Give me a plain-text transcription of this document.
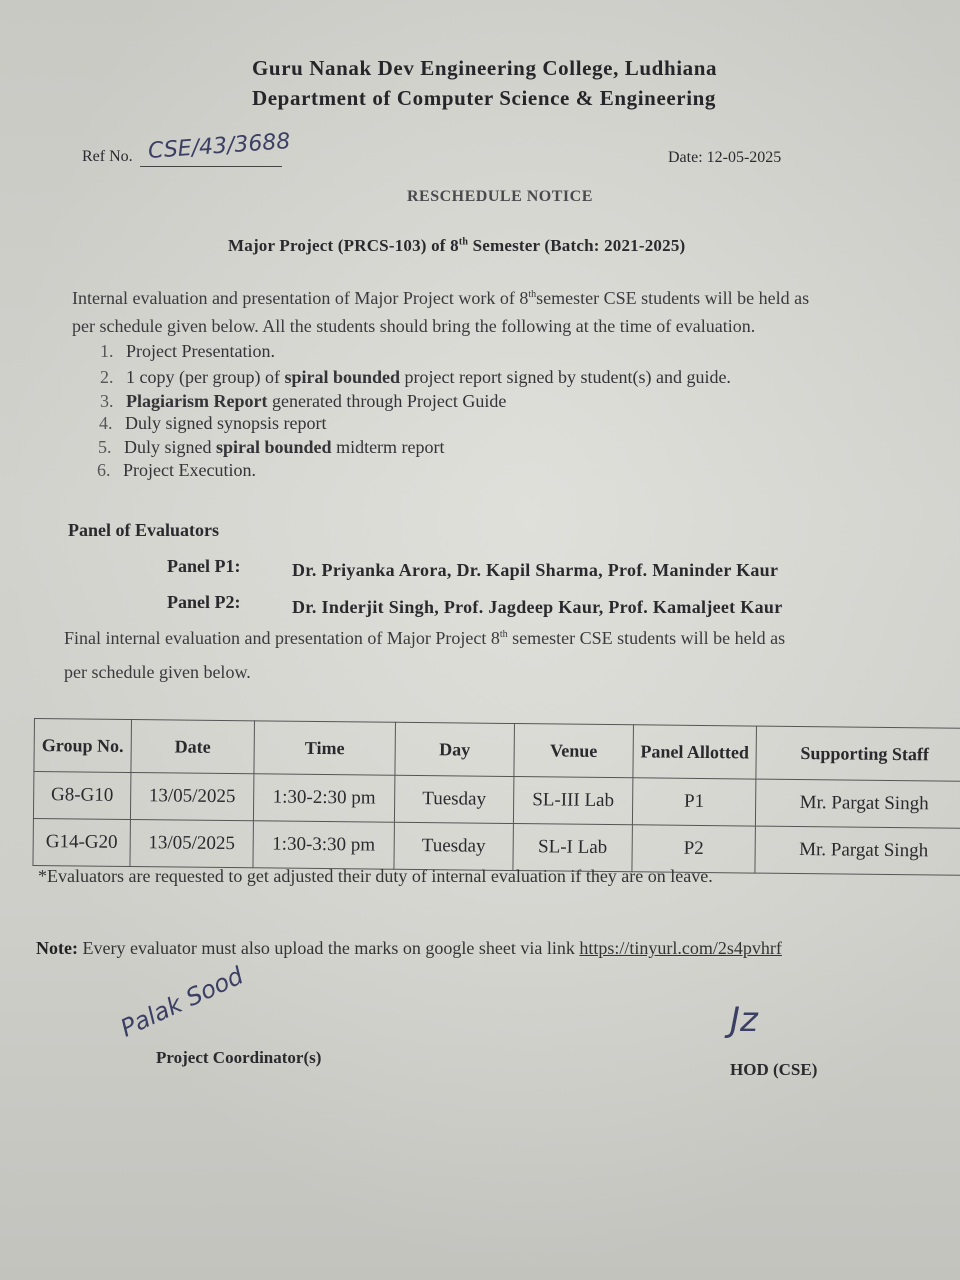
Guru Nanak Dev Engineering College, Ludhiana
Department of Computer Science & Engineering
Ref No. CSE/43/3688	Date: 12-05-2025
RESCHEDULE NOTICE
Major Project (PRCS-103) of 8th Semester (Batch: 2021-2025)
Internal evaluation and presentation of Major Project work of 8thsemester CSE students will be held as
per schedule given below. All the students should bring the following at the time of evaluation.
1. Project Presentation.
2. 1 copy (per group) of spiral bounded project report signed by student(s) and guide.
3. Plagiarism Report generated through Project Guide
4. Duly signed synopsis report
5. Duly signed spiral bounded midterm report
6. Project Execution.
Panel of Evaluators
Panel P1:	Dr. Priyanka Arora, Dr. Kapil Sharma, Prof. Maninder Kaur
Panel P2:	Dr. Inderjit Singh, Prof. Jagdeep Kaur, Prof. Kamaljeet Kaur
Final internal evaluation and presentation of Major Project 8th semester CSE students will be held as
per schedule given below.
Group No.	Date	Time	Day	Venue	Panel Allotted	Supporting Staff
G8-G10	13/05/2025	1:30-2:30 pm	Tuesday	SL-III Lab	P1	Mr. Pargat Singh
G14-G20	13/05/2025	1:30-3:30 pm	Tuesday	SL-I Lab	P2	Mr. Pargat Singh
*Evaluators are requested to get adjusted their duty of internal evaluation if they are on leave.
Note: Every evaluator must also upload the marks on google sheet via link https://tinyurl.com/2s4pvhrf
Palak Sood
Project Coordinator(s)
Jz
HOD (CSE)
